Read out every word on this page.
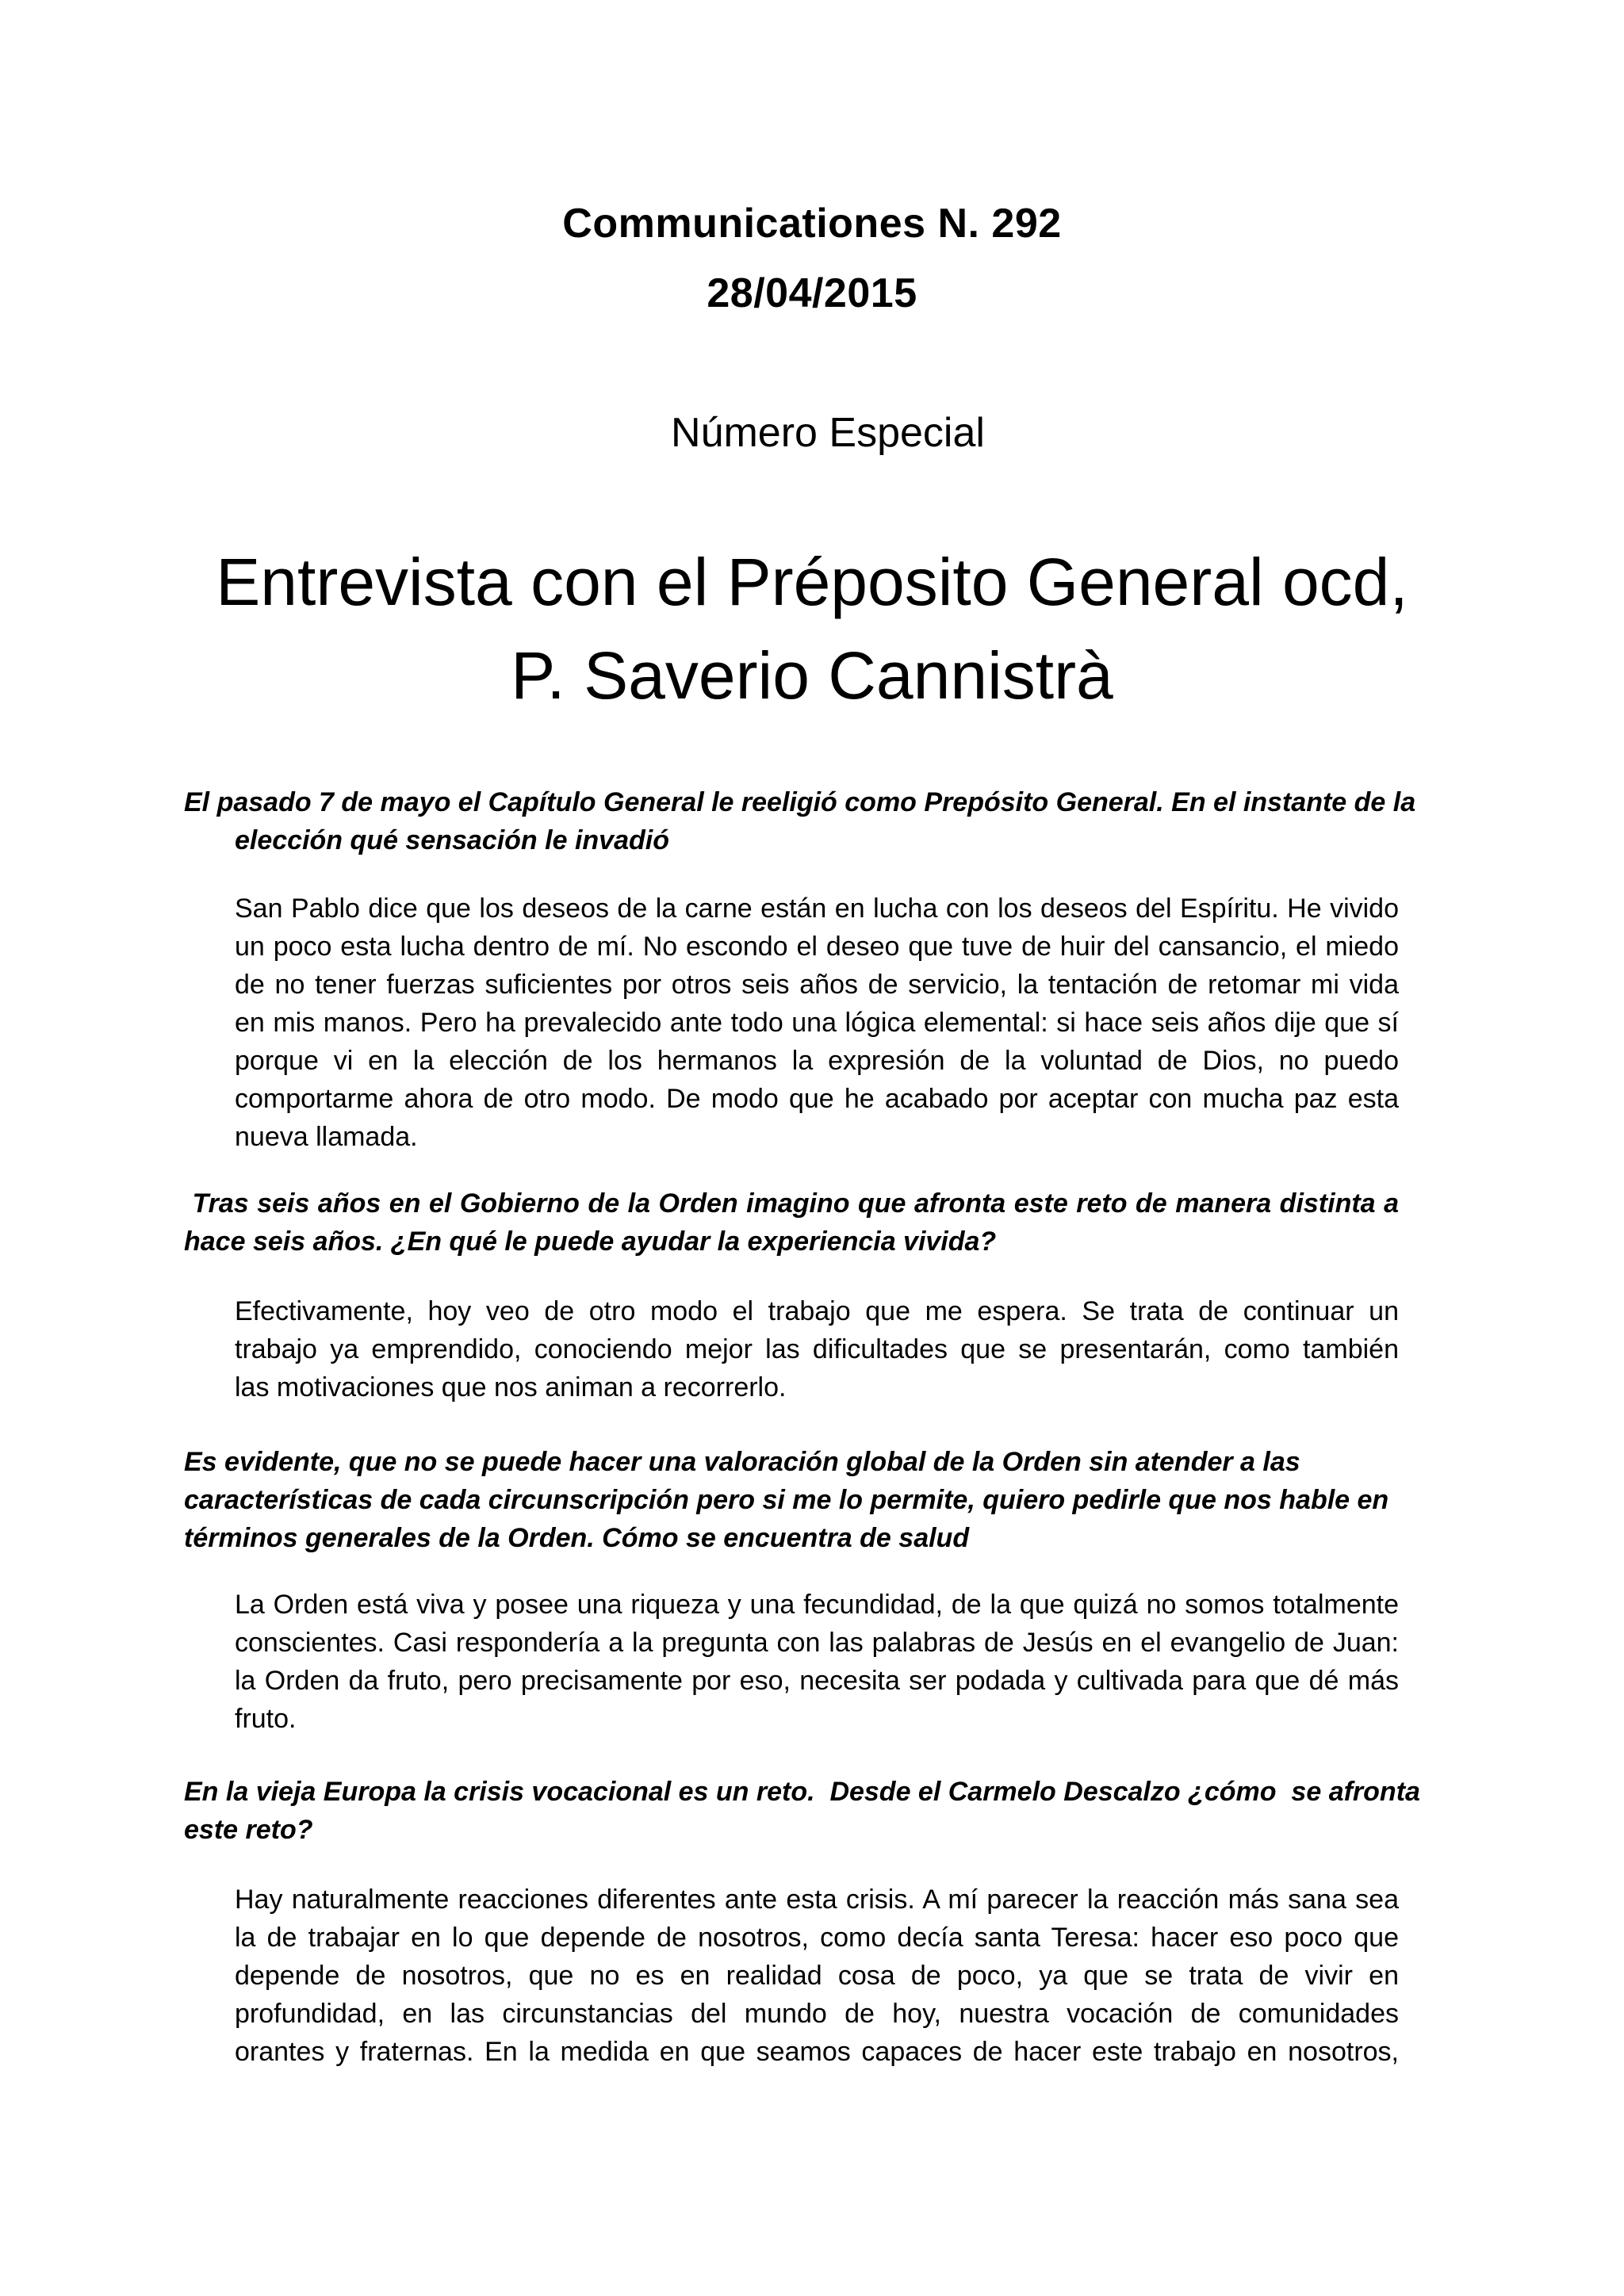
Communicationes N. 292
28/04/2015
Número Especial
Entrevista con el Préposito General ocd,
P. Saverio Cannistrà
El pasado 7 de mayo el Capítulo General le reeligió como Prepósito General. En el instante de la
elección qué sensación le invadió
San Pablo dice que los deseos de la carne están en lucha con los deseos del Espíritu. He vivido
un poco esta lucha dentro de mí. No escondo el deseo que tuve de huir del cansancio, el miedo
de no tener fuerzas suficientes por otros seis años de servicio, la tentación de retomar mi vida
en mis manos. Pero ha prevalecido ante todo una lógica elemental: si hace seis años dije que sí
porque vi en la elección de los hermanos la expresión de la voluntad de Dios, no puedo
comportarme ahora de otro modo. De modo que he acabado por aceptar con mucha paz esta
nueva llamada.
Tras seis años en el Gobierno de la Orden imagino que afronta este reto de manera distinta a
hace seis años. ¿En qué le puede ayudar la experiencia vivida?
Efectivamente, hoy veo de otro modo el trabajo que me espera. Se trata de continuar un
trabajo ya emprendido, conociendo mejor las dificultades que se presentarán, como también
las motivaciones que nos animan a recorrerlo.
Es evidente, que no se puede hacer una valoración global de la Orden sin atender a las
características de cada circunscripción pero si me lo permite, quiero pedirle que nos hable en
términos generales de la Orden. Cómo se encuentra de salud
La Orden está viva y posee una riqueza y una fecundidad, de la que quizá no somos totalmente
conscientes. Casi respondería a la pregunta con las palabras de Jesús en el evangelio de Juan:
la Orden da fruto, pero precisamente por eso, necesita ser podada y cultivada para que dé más
fruto.
En la vieja Europa la crisis vocacional es un reto.  Desde el Carmelo Descalzo ¿cómo  se afronta
este reto?
Hay naturalmente reacciones diferentes ante esta crisis. A mí parecer la reacción más sana sea
la de trabajar en lo que depende de nosotros, como decía santa Teresa: hacer eso poco que
depende de nosotros, que no es en realidad cosa de poco, ya que se trata de vivir en
profundidad, en las circunstancias del mundo de hoy, nuestra vocación de comunidades
orantes y fraternas. En la medida en que seamos capaces de hacer este trabajo en nosotros,
